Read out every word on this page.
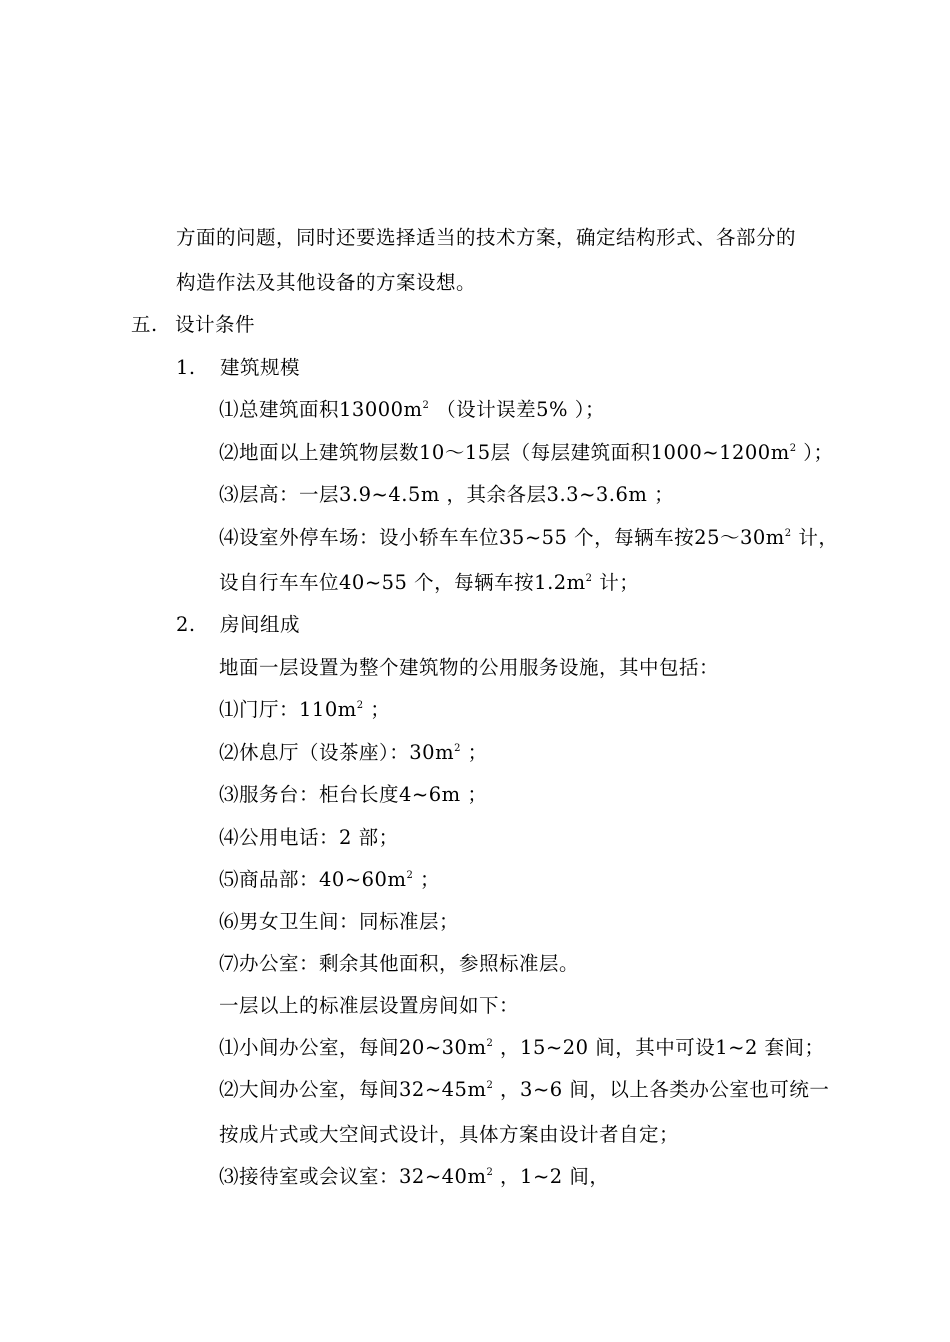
方面的问题，同时还要选择适当的技术方案，确定结构形式、各部分的
构造作法及其他设备的方案设想。
五. 设计条件
1. 建筑规模
⑴总建筑面积$13000m^2$ （设计误差5% ）；
⑵地面以上建筑物层数10～15层（每层建筑面积$1000\sim 1200m^2$ ）；
⑶层高：一层3.9~4.5m ，其余各层3.3~3.6m ；
⑷设室外停车场：设小轿车车位35~55 个，每辆车按$25\sim 30m^2$ 计，
设自行车车位40~55 个，每辆车按$1.2m^2$ 计；
2. 房间组成
地面一层设置为整个建筑物的公用服务设施，其中包括：
⑴门厅：$110m^2$ ；
⑵休息厅（设茶座）：$30m^2$ ；
⑶服务台：柜台长度4~6m ；
⑷公用电话：2 部；
⑸商品部：$40\sim 60m^2$ ；
⑹男女卫生间：同标准层；
⑺办公室：剩余其他面积，参照标准层。
一层以上的标准层设置房间如下：
⑴小间办公室，每间$20\sim 30m^2$ ，15~20 间，其中可设1~2 套间；
⑵大间办公室，每间$32\sim 45m^2$ ，3~6 间，以上各类办公室也可统一
按成片式或大空间式设计，具体方案由设计者自定；
⑶接待室或会议室：$32\sim 40m^2$ ，1~2 间，
